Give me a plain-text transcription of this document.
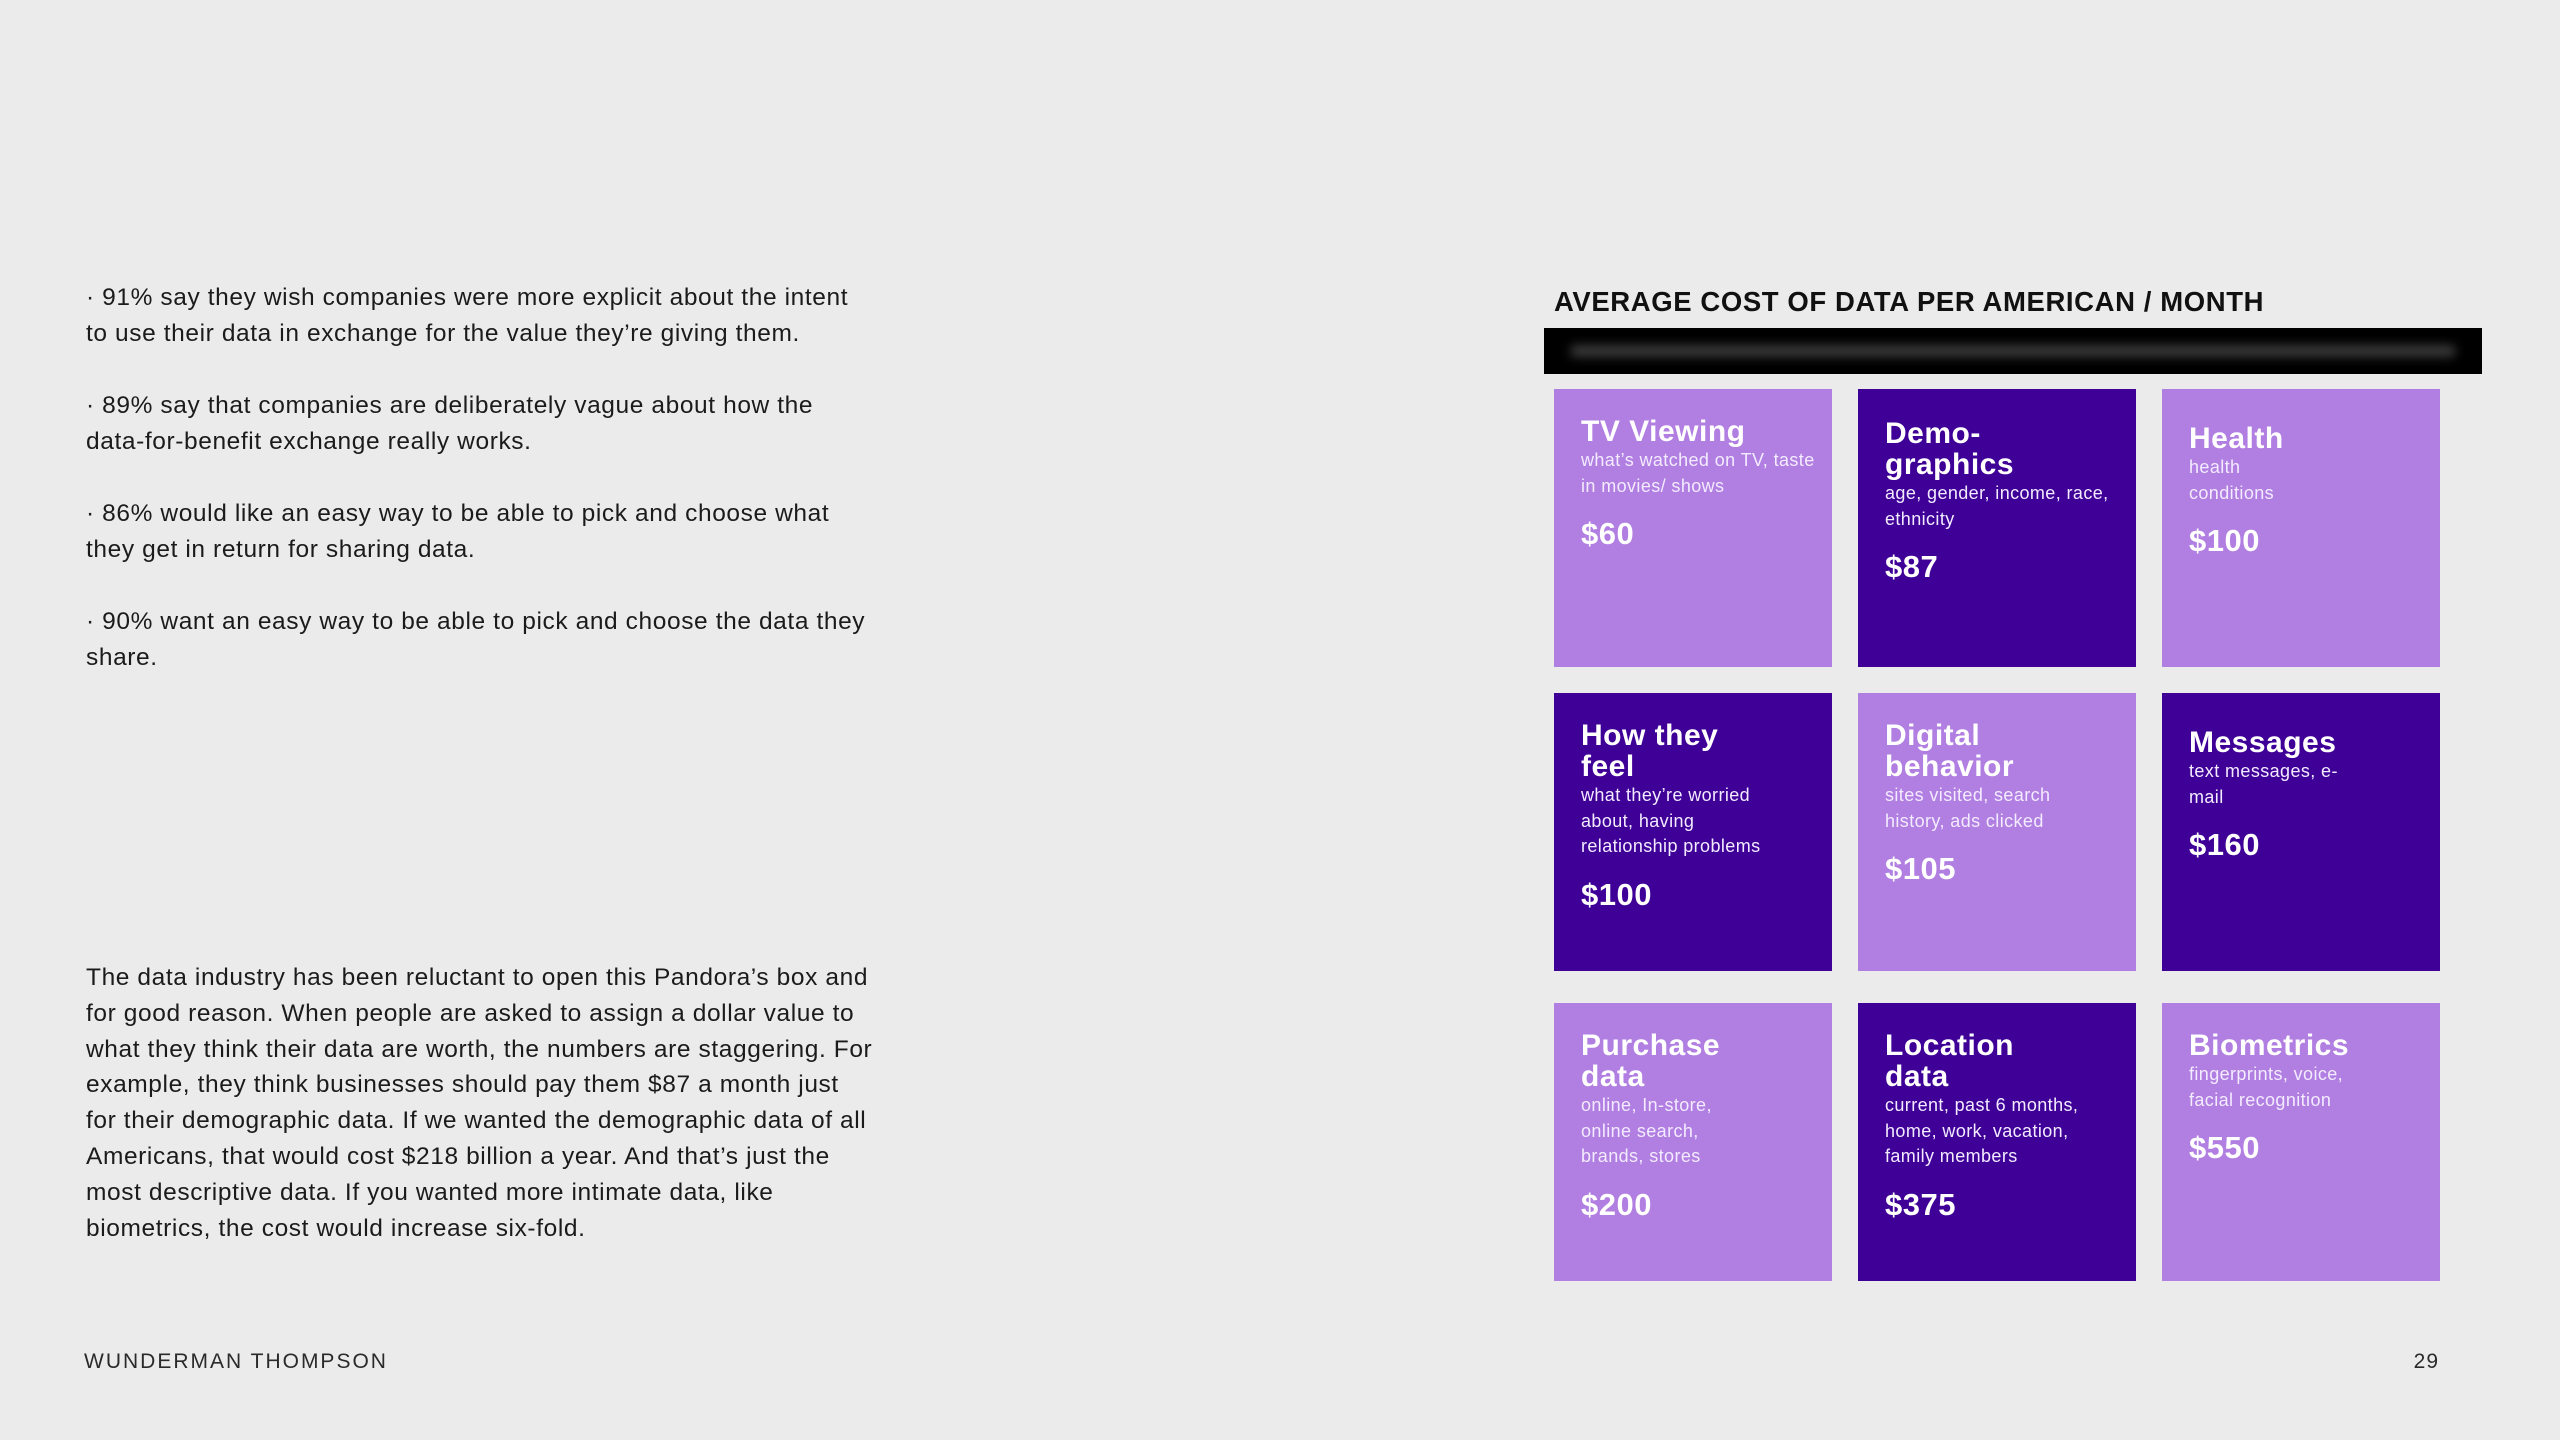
· 91% say they wish companies were more explicit about the intent to use their data in exchange for the value they’re giving them.

· 89% say that companies are deliberately vague about how the data-for-benefit exchange really works.

· 86% would like an easy way to be able to pick and choose what they get in return for sharing data.

· 90% want an easy way to be able to pick and choose the data they share.

The data industry has been reluctant to open this Pandora’s box and for good reason. When people are asked to assign a dollar value to what they think their data are worth, the numbers are staggering. For example, they think businesses should pay them $87 a month just for their demographic data. If we wanted the demographic data of all Americans, that would cost $218 billion a year. And that’s just the most descriptive data. If you wanted more intimate data, like biometrics, the cost would increase six-fold.

AVERAGE COST OF DATA PER AMERICAN / MONTH
TV Viewing
what’s watched on TV, taste in movies/ shows
$60
Demo-graphics
age, gender, income, race, ethnicity
$87
Health
health conditions
$100
How they feel
what they’re worried about, having relationship problems
$100
Digital behavior
sites visited, search history, ads clicked
$105
Messages
text messages, e-mail
$160
Purchase data
online, In-store, online search, brands, stores
$200
Location data
current, past 6 months, home, work, vacation, family members
$375
Biometrics
fingerprints, voice, facial recognition
$550
WUNDERMAN THOMPSON	29
